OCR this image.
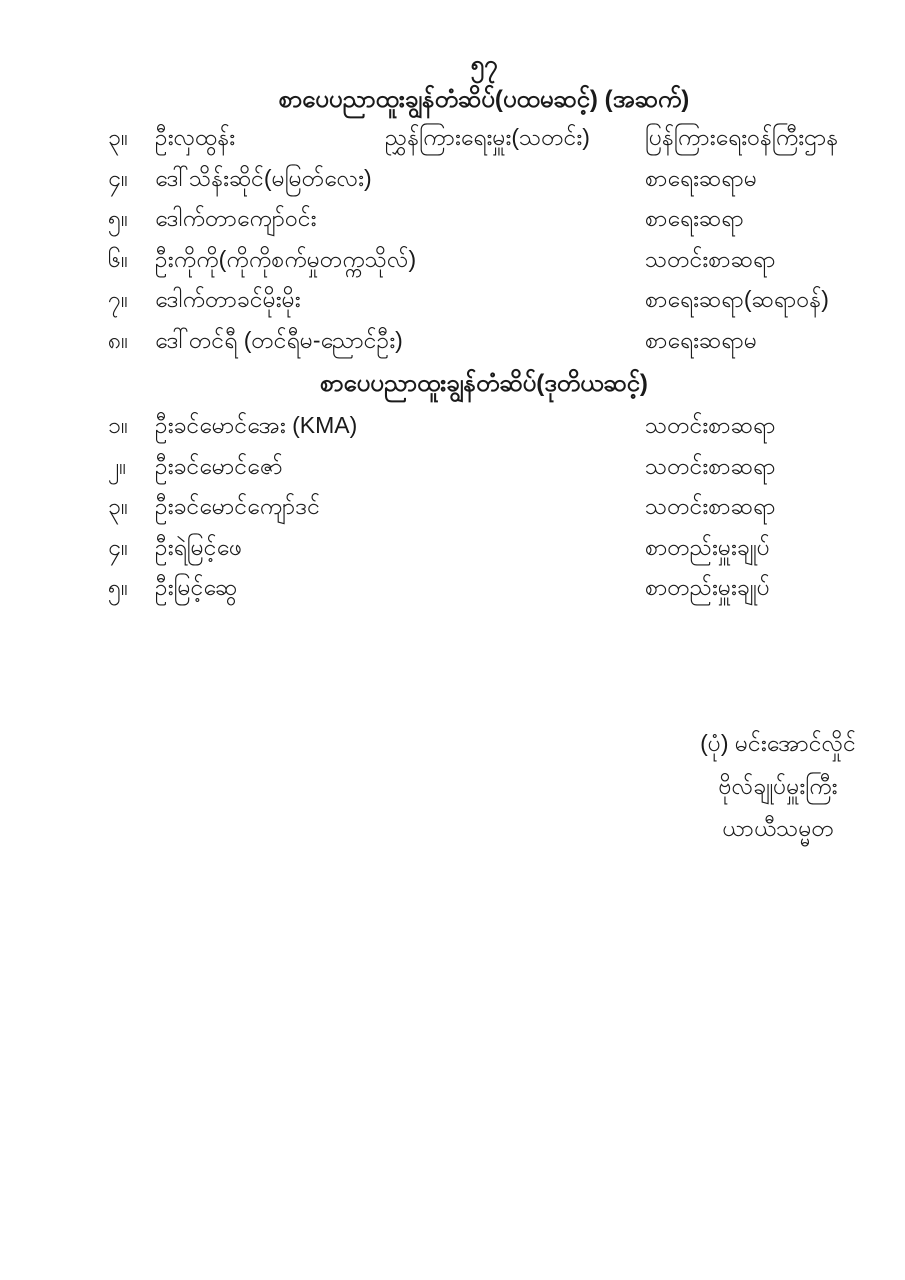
၅၇
စာပေပညာထူးချွန်တံဆိပ်(ပထမဆင့်) (အဆက်)
၃။	ဦးလှထွန်း	ညွှန်ကြားရေးမှူး(သတင်း)	ပြန်ကြားရေးဝန်ကြီးဌာန
၄။	ဒေါ်သိန်းဆိုင်(မမြတ်လေး)	စာရေးဆရာမ
၅။	ဒေါက်တာကျော်ဝင်း	စာရေးဆရာ
၆။	ဦးကိုကို(ကိုကိုစက်မှုတက္ကသိုလ်)	သတင်းစာဆရာ
၇။	ဒေါက်တာခင်မိုးမိုး	စာရေးဆရာ(ဆရာဝန်)
၈။	ဒေါ်တင်ရီ (တင်ရီမ-ညောင်ဦး)	စာရေးဆရာမ
စာပေပညာထူးချွန်တံဆိပ်(ဒုတိယဆင့်)
၁။	ဦးခင်မောင်အေး (KMA)	သတင်းစာဆရာ
၂။	ဦးခင်မောင်ဇော်	သတင်းစာဆရာ
၃။	ဦးခင်မောင်ကျော်ဒင်	သတင်းစာဆရာ
၄။	ဦးရဲမြင့်ဖေ	စာတည်းမှူးချုပ်
၅။	ဦးမြင့်ဆွေ	စာတည်းမှူးချုပ်
(ပုံ) မင်းအောင်လှိုင်
ဗိုလ်ချုပ်မှူးကြီး
ယာယီသမ္မတ
